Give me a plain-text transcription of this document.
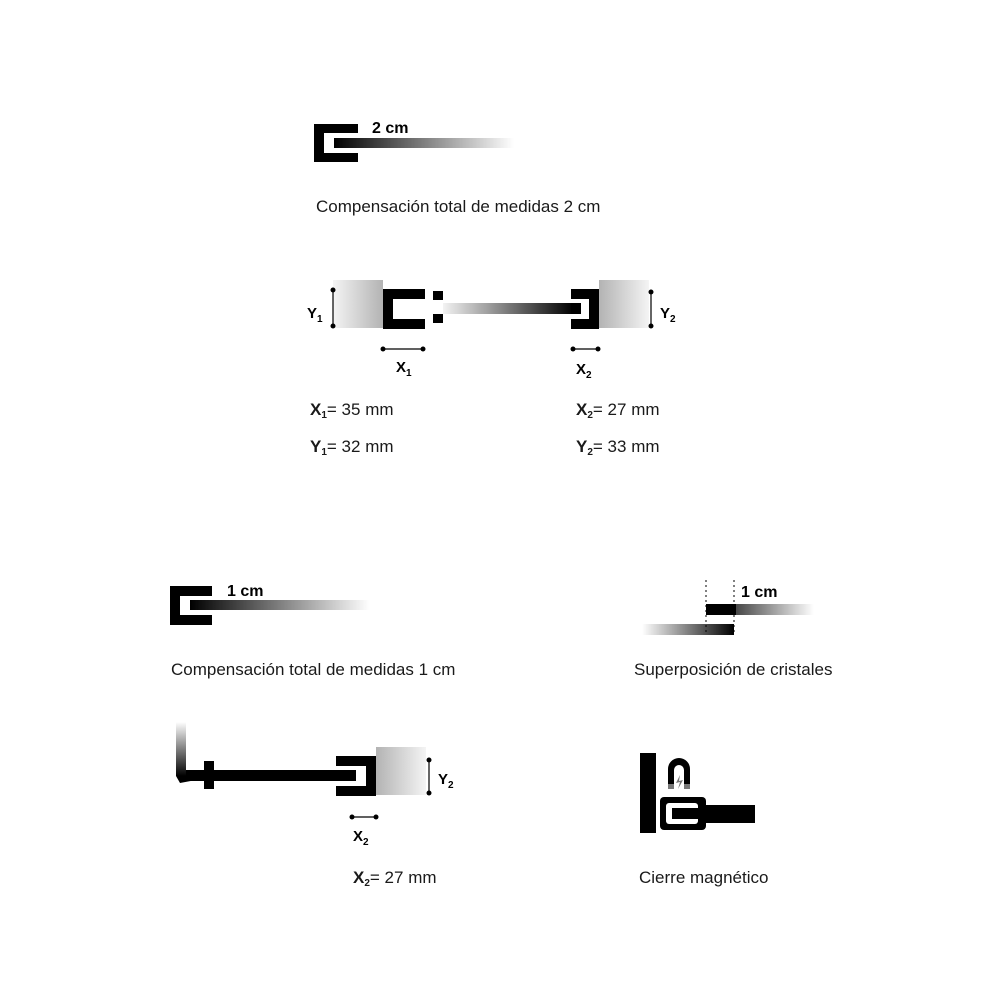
2 cm
$Y_1$	$Y_2$
$X_1$	$X_2$
1 cm	1 cm
$Y_2$
$X_2$
Compensación total de medidas 2 cm
$X_1= 35$ mm
$Y_1= 32$ mm
$X_2= 27$ mm
$Y_2= 33$ mm
Compensación total de medidas 1 cm	Superposición de cristales
$X_2= 27$ mm	Cierre magnético
